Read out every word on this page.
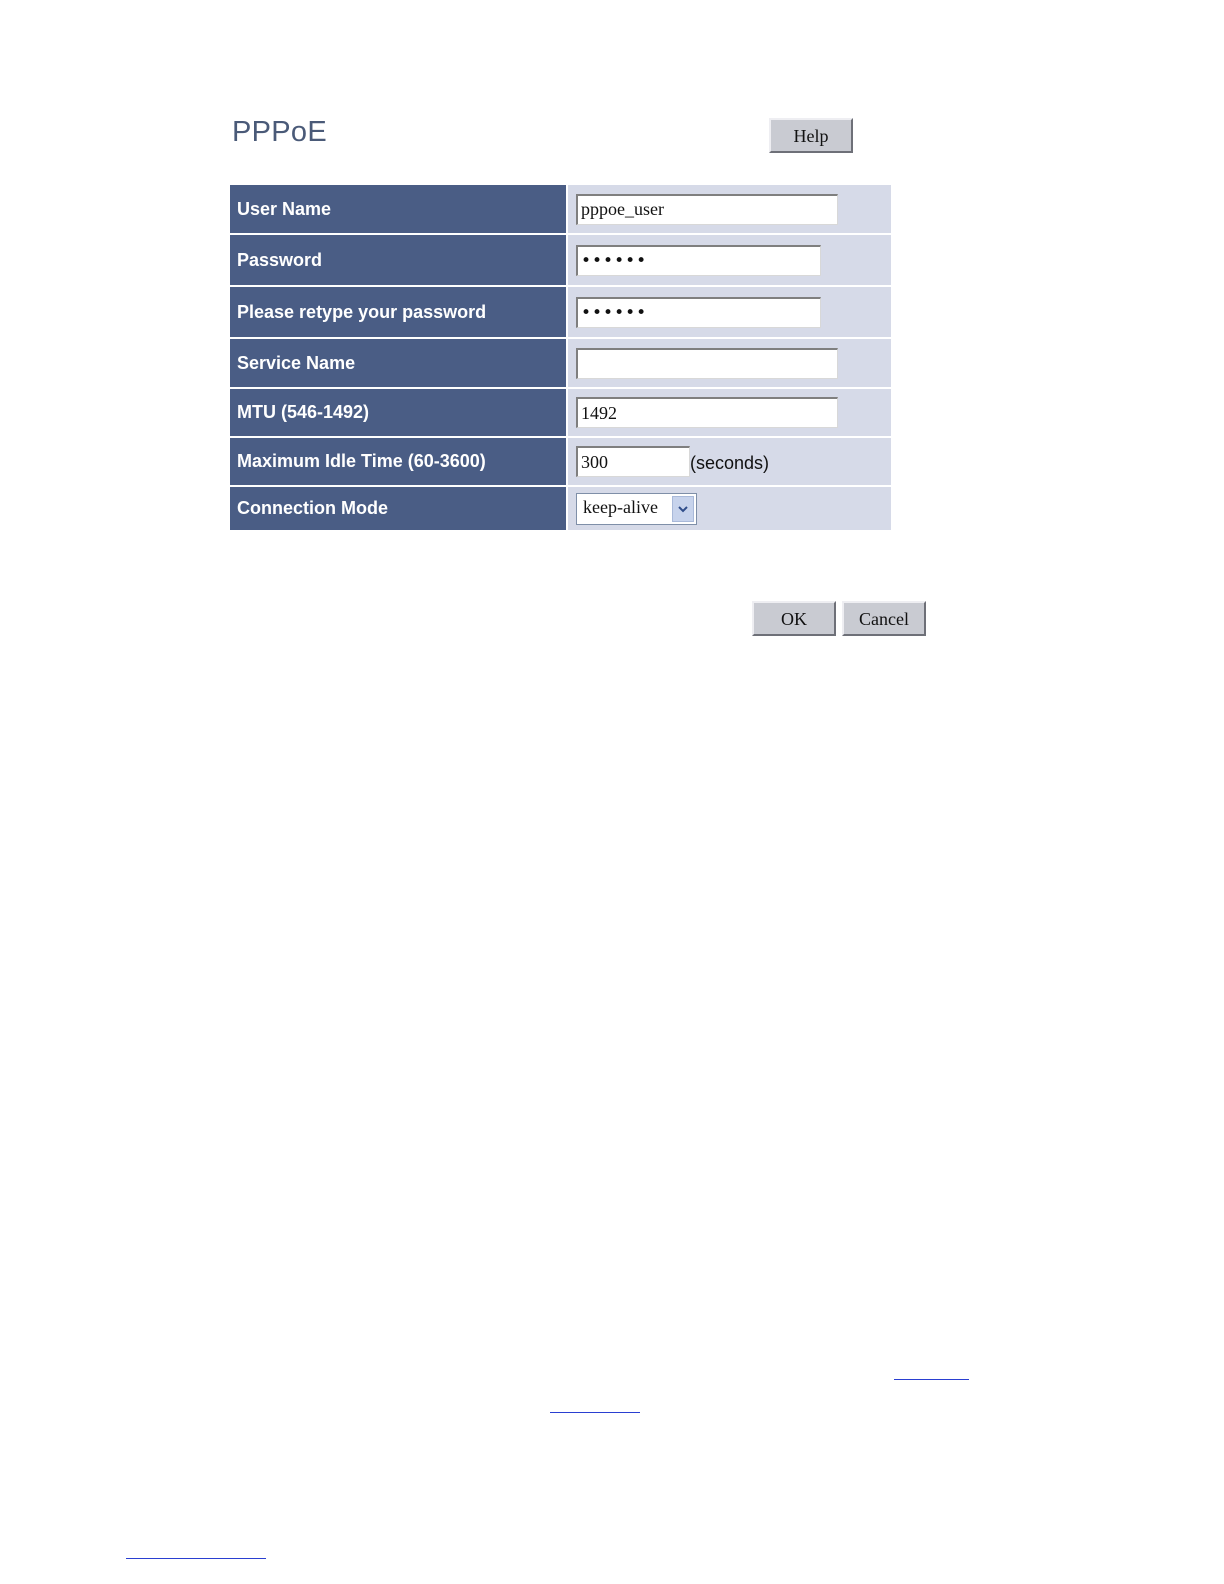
PPPoE	Help
User Name	pppoe_user
Password	••••••
Please retype your password	••••••
Service Name	
MTU (546-1492)	1492
Maximum Idle Time (60-3600)	300(seconds)
Connection Mode	keep-alive
OK	Cancel
